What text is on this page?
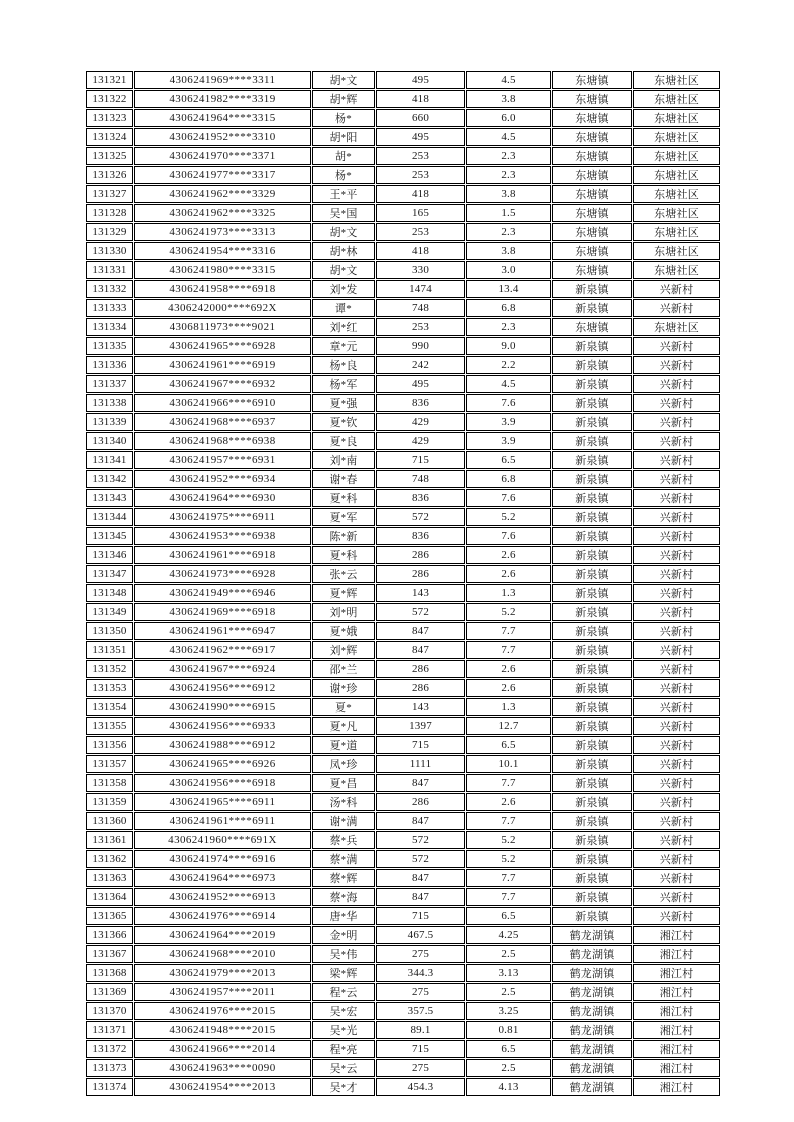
131321	4306241969****3311	胡*文	495	4.5	东塘镇	东塘社区
131322	4306241982****3319	胡*辉	418	3.8	东塘镇	东塘社区
131323	4306241964****3315	杨*	660	6.0	东塘镇	东塘社区
131324	4306241952****3310	胡*阳	495	4.5	东塘镇	东塘社区
131325	4306241970****3371	胡*	253	2.3	东塘镇	东塘社区
131326	4306241977****3317	杨*	253	2.3	东塘镇	东塘社区
131327	4306241962****3329	王*平	418	3.8	东塘镇	东塘社区
131328	4306241962****3325	吴*国	165	1.5	东塘镇	东塘社区
131329	4306241973****3313	胡*文	253	2.3	东塘镇	东塘社区
131330	4306241954****3316	胡*林	418	3.8	东塘镇	东塘社区
131331	4306241980****3315	胡*文	330	3.0	东塘镇	东塘社区
131332	4306241958****6918	刘*发	1474	13.4	新泉镇	兴新村
131333	4306242000****692X	谭*	748	6.8	新泉镇	兴新村
131334	4306811973****9021	刘*红	253	2.3	东塘镇	东塘社区
131335	4306241965****6928	章*元	990	9.0	新泉镇	兴新村
131336	4306241961****6919	杨*良	242	2.2	新泉镇	兴新村
131337	4306241967****6932	杨*军	495	4.5	新泉镇	兴新村
131338	4306241966****6910	夏*强	836	7.6	新泉镇	兴新村
131339	4306241968****6937	夏*钦	429	3.9	新泉镇	兴新村
131340	4306241968****6938	夏*良	429	3.9	新泉镇	兴新村
131341	4306241957****6931	刘*南	715	6.5	新泉镇	兴新村
131342	4306241952****6934	谢*春	748	6.8	新泉镇	兴新村
131343	4306241964****6930	夏*科	836	7.6	新泉镇	兴新村
131344	4306241975****6911	夏*军	572	5.2	新泉镇	兴新村
131345	4306241953****6938	陈*新	836	7.6	新泉镇	兴新村
131346	4306241961****6918	夏*科	286	2.6	新泉镇	兴新村
131347	4306241973****6928	张*云	286	2.6	新泉镇	兴新村
131348	4306241949****6946	夏*辉	143	1.3	新泉镇	兴新村
131349	4306241969****6918	刘*明	572	5.2	新泉镇	兴新村
131350	4306241961****6947	夏*娥	847	7.7	新泉镇	兴新村
131351	4306241962****6917	刘*辉	847	7.7	新泉镇	兴新村
131352	4306241967****6924	邵*兰	286	2.6	新泉镇	兴新村
131353	4306241956****6912	谢*珍	286	2.6	新泉镇	兴新村
131354	4306241990****6915	夏*	143	1.3	新泉镇	兴新村
131355	4306241956****6933	夏*凡	1397	12.7	新泉镇	兴新村
131356	4306241988****6912	夏*道	715	6.5	新泉镇	兴新村
131357	4306241965****6926	凤*珍	1111	10.1	新泉镇	兴新村
131358	4306241956****6918	夏*昌	847	7.7	新泉镇	兴新村
131359	4306241965****6911	汤*科	286	2.6	新泉镇	兴新村
131360	4306241961****6911	谢*满	847	7.7	新泉镇	兴新村
131361	4306241960****691X	蔡*兵	572	5.2	新泉镇	兴新村
131362	4306241974****6916	蔡*满	572	5.2	新泉镇	兴新村
131363	4306241964****6973	蔡*辉	847	7.7	新泉镇	兴新村
131364	4306241952****6913	蔡*海	847	7.7	新泉镇	兴新村
131365	4306241976****6914	唐*华	715	6.5	新泉镇	兴新村
131366	4306241964****2019	金*明	467.5	4.25	鹤龙湖镇	湘江村
131367	4306241968****2010	吴*伟	275	2.5	鹤龙湖镇	湘江村
131368	4306241979****2013	梁*辉	344.3	3.13	鹤龙湖镇	湘江村
131369	4306241957****2011	程*云	275	2.5	鹤龙湖镇	湘江村
131370	4306241976****2015	吴*宏	357.5	3.25	鹤龙湖镇	湘江村
131371	4306241948****2015	吴*光	89.1	0.81	鹤龙湖镇	湘江村
131372	4306241966****2014	程*亮	715	6.5	鹤龙湖镇	湘江村
131373	4306241963****0090	吴*云	275	2.5	鹤龙湖镇	湘江村
131374	4306241954****2013	吴*才	454.3	4.13	鹤龙湖镇	湘江村
